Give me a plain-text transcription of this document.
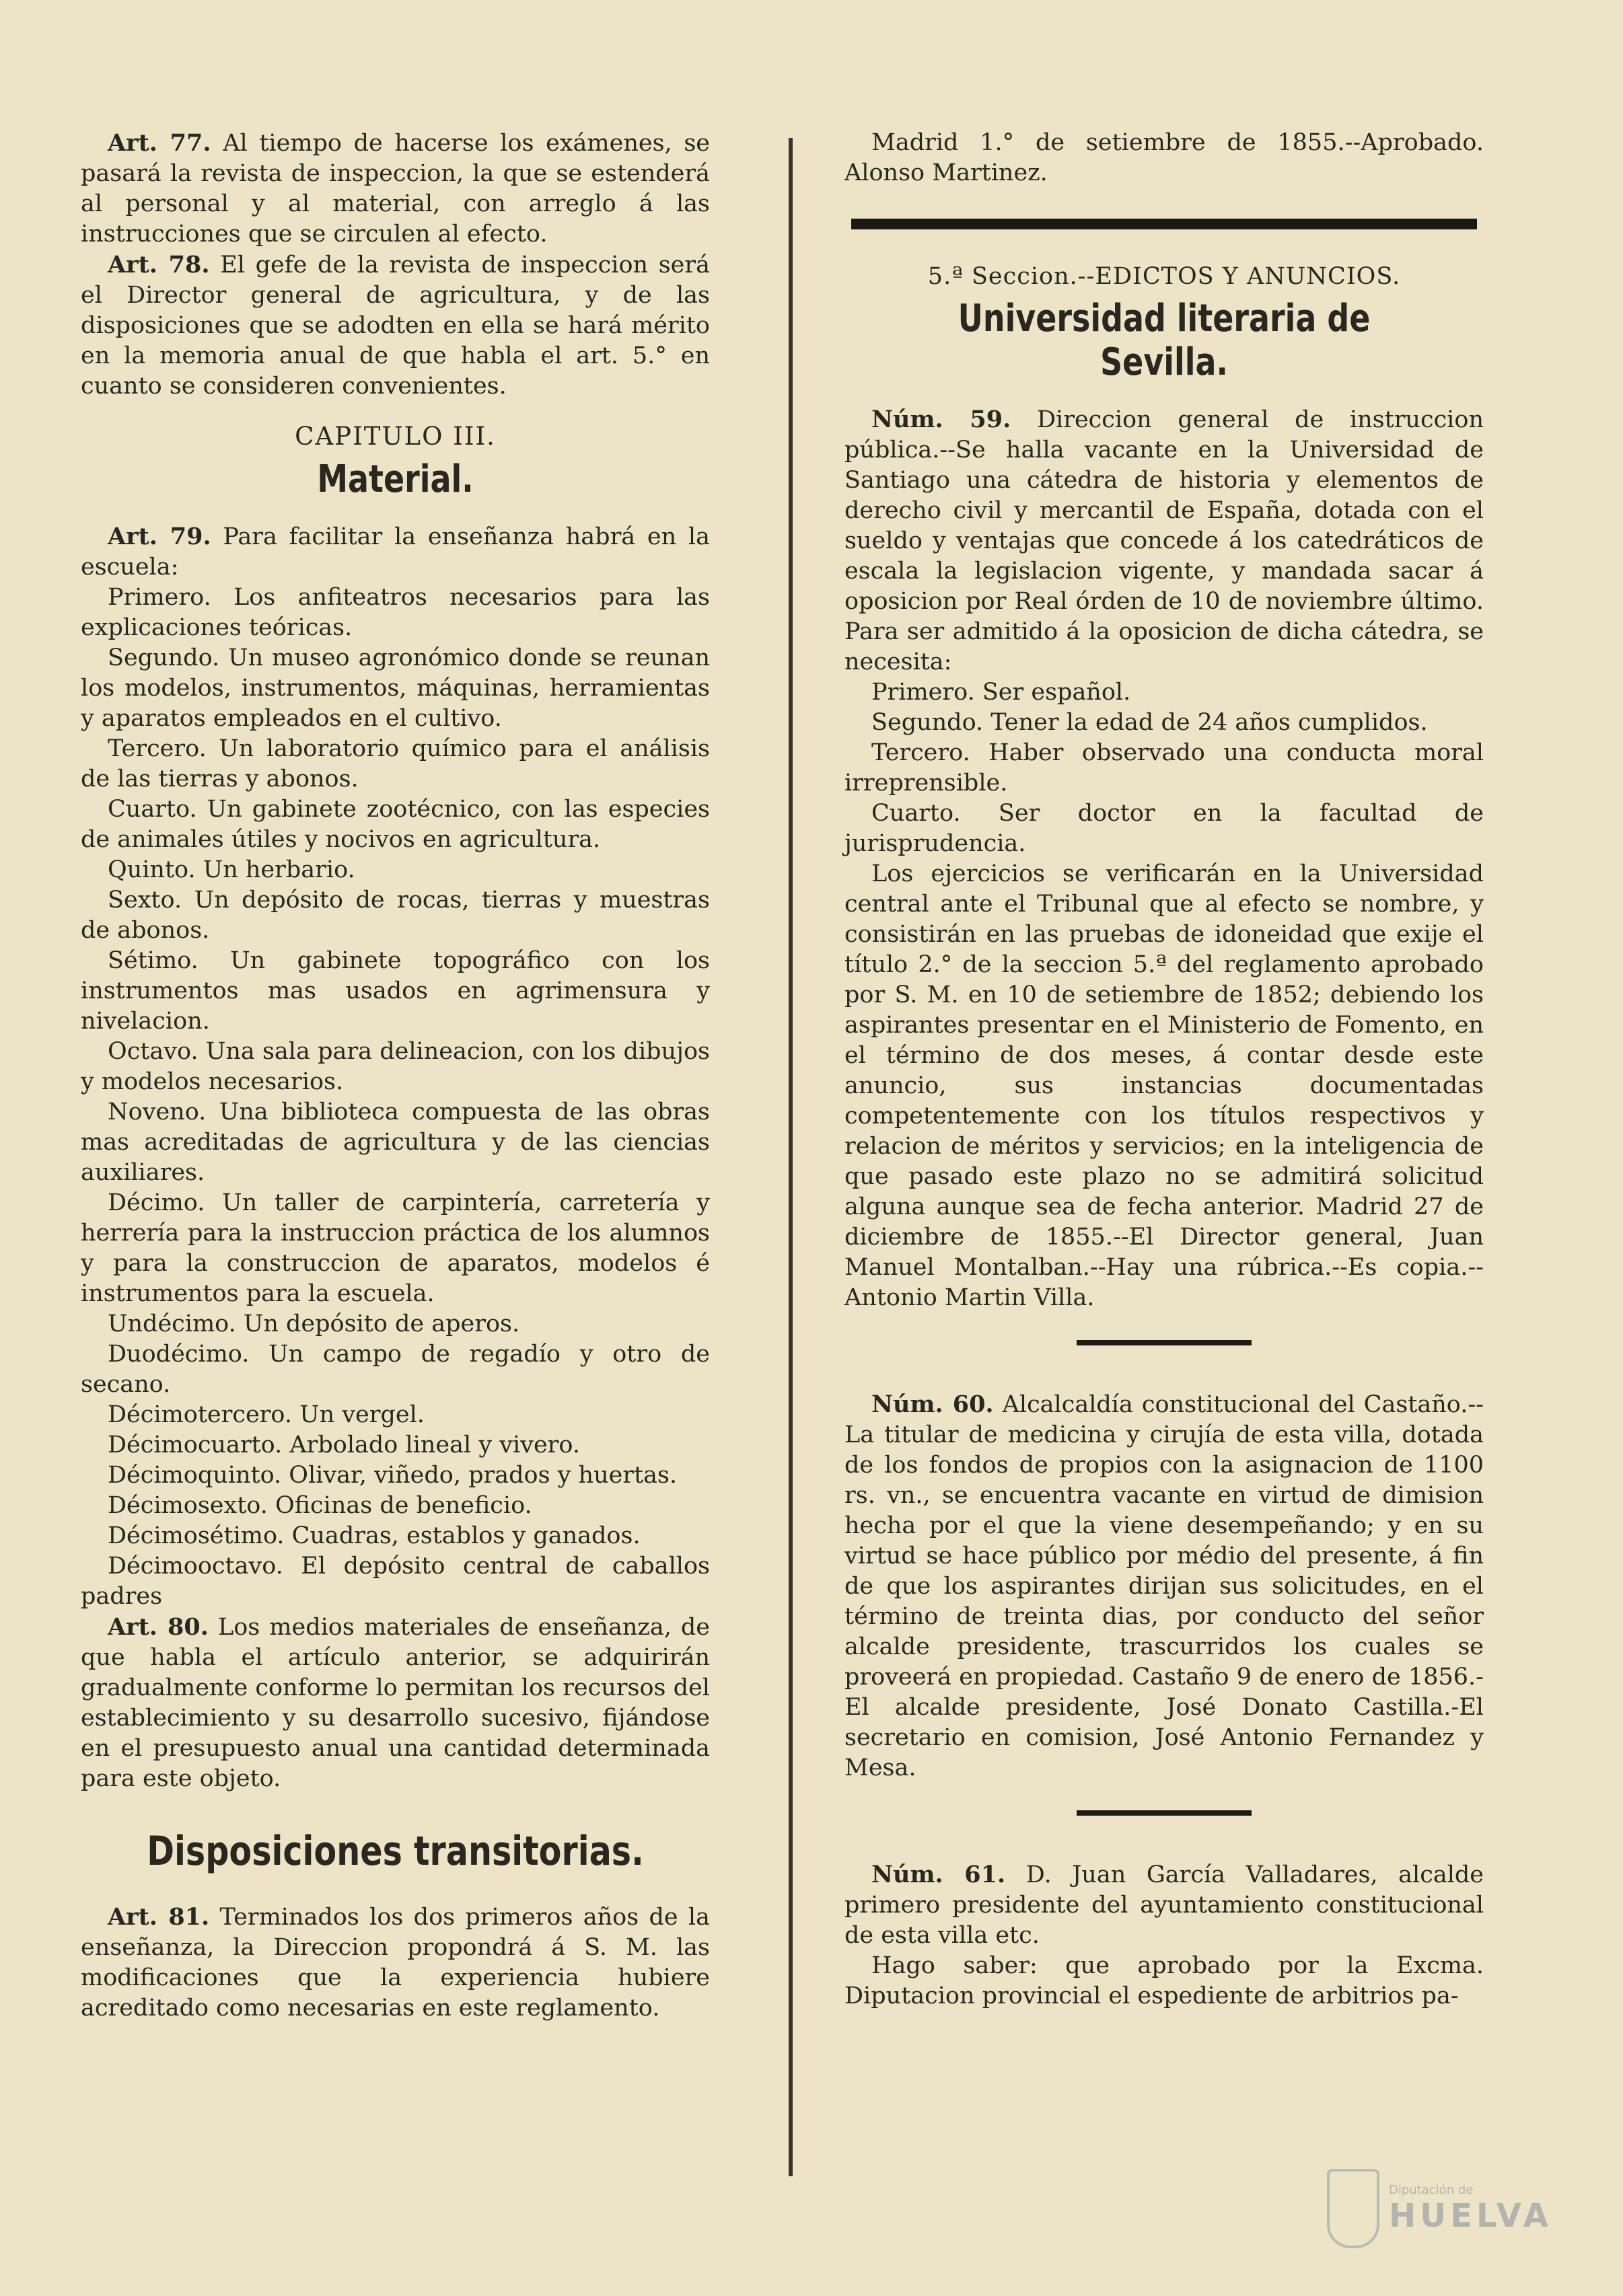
Art. 77. Al tiempo de hacerse los exámenes, se pasará la revista de inspeccion, la que se estenderá al personal y al material, con arreglo á las instrucciones que se circulen al efecto.

Art. 78. El gefe de la revista de inspeccion será el Director general de agricultura, y de las disposiciones que se adodten en ella se hará mérito en la memoria anual de que habla el art. 5.° en cuanto se consideren convenientes.

CAPITULO III.
Material.

Art. 79. Para facilitar la enseñanza habrá en la escuela:

Primero. Los anfiteatros necesarios para las explicaciones teóricas.

Segundo. Un museo agronómico donde se reunan los modelos, instrumentos, máquinas, herramientas y aparatos empleados en el cultivo.

Tercero. Un laboratorio químico para el análisis de las tierras y abonos.

Cuarto. Un gabinete zootécnico, con las especies de animales útiles y nocivos en agricultura.

Quinto. Un herbario.

Sexto. Un depósito de rocas, tierras y muestras de abonos.

Sétimo. Un gabinete topográfico con los instrumentos mas usados en agrimensura y nivelacion.

Octavo. Una sala para delineacion, con los dibujos y modelos necesarios.

Noveno. Una biblioteca compuesta de las obras mas acreditadas de agricultura y de las ciencias auxiliares.

Décimo. Un taller de carpintería, carretería y herrería para la instruccion práctica de los alumnos y para la construccion de aparatos, modelos é instrumentos para la escuela.

Undécimo. Un depósito de aperos.

Duodécimo. Un campo de regadío y otro de secano.

Décimotercero. Un vergel.

Décimocuarto. Arbolado lineal y vivero.

Décimoquinto. Olivar, viñedo, prados y huertas.

Décimosexto. Oficinas de beneficio.

Décimosétimo. Cuadras, establos y ganados.

Décimooctavo. El depósito central de caballos padres

Art. 80. Los medios materiales de enseñanza, de que habla el artículo anterior, se adquirirán gradualmente conforme lo permitan los recursos del establecimiento y su desarrollo sucesivo, fijándose en el presupuesto anual una cantidad determinada para este objeto.

Disposiciones transitorias.

Art. 81. Terminados los dos primeros años de la enseñanza, la Direccion propondrá á S. M. las modificaciones que la experiencia hubiere acreditado como necesarias en este reglamento.

Madrid 1.° de setiembre de 1855.--Aprobado. Alonso Martinez.

5.ª Seccion.--EDICTOS Y ANUNCIOS.
Universidad literaria de Sevilla.

Núm. 59. Direccion general de instruccion pública.--Se halla vacante en la Universidad de Santiago una cátedra de historia y elementos de derecho civil y mercantil de España, dotada con el sueldo y ventajas que concede á los catedráticos de escala la legislacion vigente, y mandada sacar á oposicion por Real órden de 10 de noviembre último. Para ser admitido á la oposicion de dicha cátedra, se necesita:

Primero. Ser español.

Segundo. Tener la edad de 24 años cumplidos.

Tercero. Haber observado una conducta moral irreprensible.

Cuarto. Ser doctor en la facultad de jurisprudencia.

Los ejercicios se verificarán en la Universidad central ante el Tribunal que al efecto se nombre, y consistirán en las pruebas de idoneidad que exije el título 2.° de la seccion 5.ª del reglamento aprobado por S. M. en 10 de setiembre de 1852; debiendo los aspirantes presentar en el Ministerio de Fomento, en el término de dos meses, á contar desde este anuncio, sus instancias documentadas competentemente con los títulos respectivos y relacion de méritos y servicios; en la inteligencia de que pasado este plazo no se admitirá solicitud alguna aunque sea de fecha anterior. Madrid 27 de diciembre de 1855.--El Director general, Juan Manuel Montalban.--Hay una rúbrica.--Es copia.--Antonio Martin Villa.

Núm. 60. Alcalcaldía constitucional del Castaño.--La titular de medicina y cirujía de esta villa, dotada de los fondos de propios con la asignacion de 1100 rs. vn., se encuentra vacante en virtud de dimision hecha por el que la viene desempeñando; y en su virtud se hace público por médio del presente, á fin de que los aspirantes dirijan sus solicitudes, en el término de treinta dias, por conducto del señor alcalde presidente, trascurridos los cuales se proveerá en propiedad. Castaño 9 de enero de 1856.-El alcalde presidente, José Donato Castilla.-El secretario en comision, José Antonio Fernandez y Mesa.

Núm. 61. D. Juan García Valladares, alcalde primero presidente del ayuntamiento constitucional de esta villa etc.

Hago saber: que aprobado por la Excma. Diputacion provincial el espediente de arbitrios pa-

Diputación de
HUELVA
